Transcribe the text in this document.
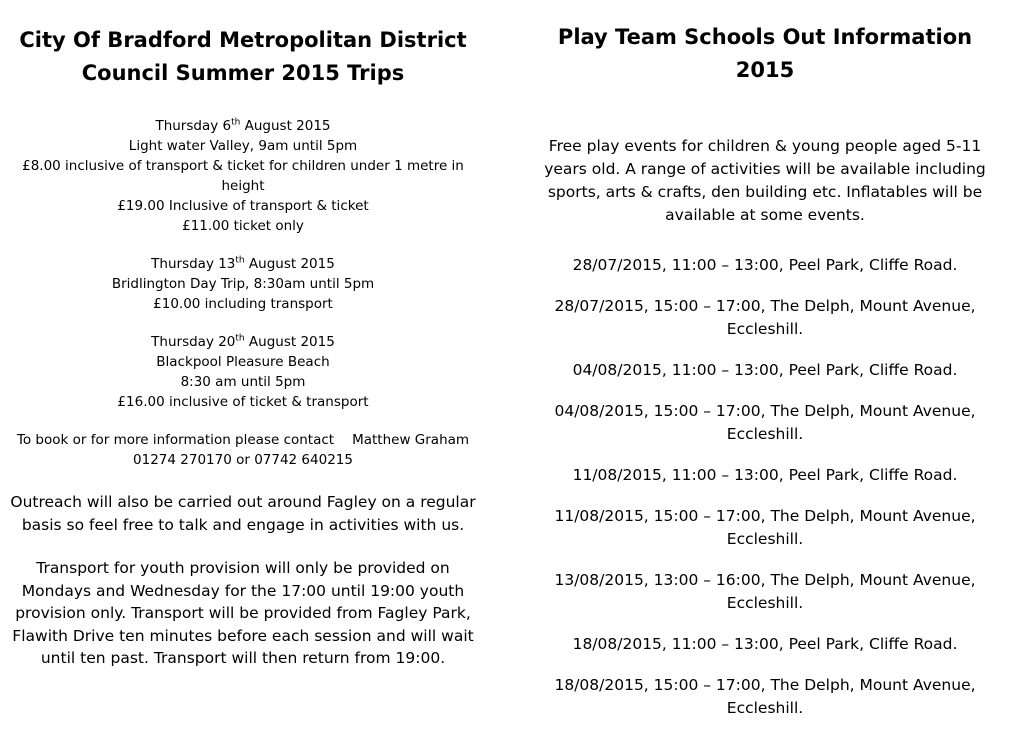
City Of Bradford Metropolitan District Council Summer 2015 Trips

Thursday 6th August 2015

Light water Valley, 9am until 5pm

£8.00 inclusive of transport & ticket for children under 1 metre in height

£19.00 Inclusive of transport & ticket

£11.00 ticket only

Thursday 13th August 2015

Bridlington Day Trip, 8:30am until 5pm

£10.00 including transport

Thursday 20th August 2015

Blackpool Pleasure Beach

8:30 am until 5pm

£16.00 inclusive of ticket & transport

To book or for more information please contact Matthew Graham

01274 270170 or 07742 640215

Outreach will also be carried out around Fagley on a regular basis so feel free to talk and engage in activities with us.

Transport for youth provision will only be provided on Mondays and Wednesday for the 17:00 until 19:00 youth provision only. Transport will be provided from Fagley Park, Flawith Drive ten minutes before each session and will wait until ten past. Transport will then return from 19:00.

Play Team Schools Out Information 2015

Free play events for children & young people aged 5-11 years old. A range of activities will be available including sports, arts & crafts, den building etc. Inflatables will be available at some events.

28/07/2015, 11:00 – 13:00, Peel Park, Cliffe Road.

28/07/2015, 15:00 – 17:00, The Delph, Mount Avenue, Eccleshill.

04/08/2015, 11:00 – 13:00, Peel Park, Cliffe Road.

04/08/2015, 15:00 – 17:00, The Delph, Mount Avenue, Eccleshill.

11/08/2015, 11:00 – 13:00, Peel Park, Cliffe Road.

11/08/2015, 15:00 – 17:00, The Delph, Mount Avenue, Eccleshill.

13/08/2015, 13:00 – 16:00, The Delph, Mount Avenue, Eccleshill.

18/08/2015, 11:00 – 13:00, Peel Park, Cliffe Road.

18/08/2015, 15:00 – 17:00, The Delph, Mount Avenue, Eccleshill.
